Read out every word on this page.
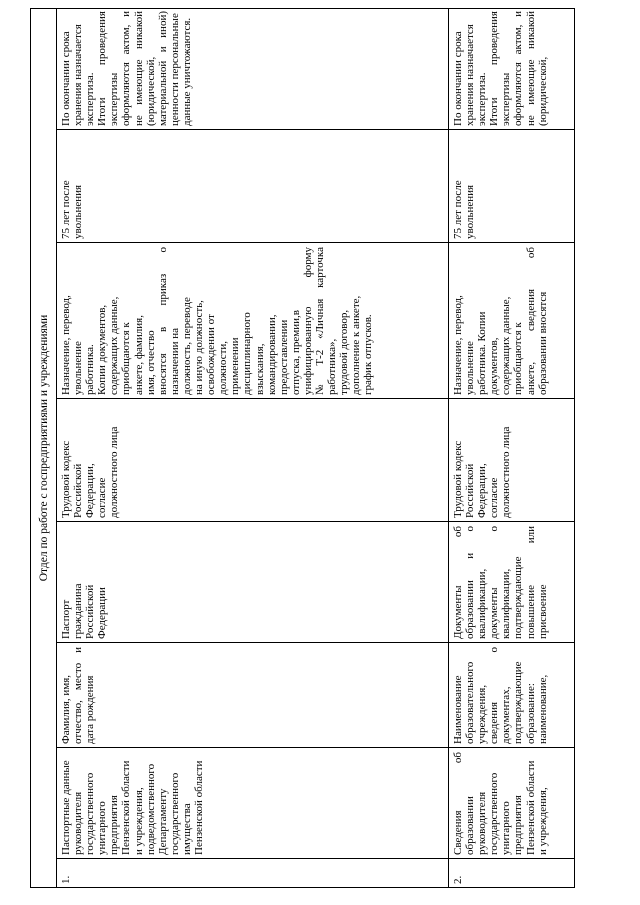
Отдел по работе с госпредприятиями и учреждениями
1.
Паспортные данные руководителя государственного унитарного предприятия Пензенской области и учреждения, подведомственного Департаменту государственного имущества Пензенской области
Фамилия, имя, отчество, место и дата рождения
Паспорт гражданина Российской Федерации
Трудовой кодекс Российской Федерации, согласие должностного лица
Назначение, перевод, увольнение работника. Копии документов, содержащих данные, приобщаются к анкете, фамилия, имя, отчество вносятся в приказ о назначении на должность, переводе на иную должность, освобождении от должности, применении дисциплинарного взыскания, командировании, предоставлении отпуска, премии,в унифицированную форму № Т-2 «Личная карточка работника», трудовой договор, дополнение к анкете, график отпусков.
75 лет после увольнения
По окончании срока хранения назначается экспертиза. Итоги проведения экспертизы оформляются актом, и не имеющие никакой (юридической, материальной и иной) ценности персональные данные уничтожаются.
2.
Сведения об образовании руководителя государственного унитарного предприятия Пензенской области и учреждения,
Наименование образовательного учреждения, сведения о документах, подтверждающие образование: наименование,
Документы об образовании и о квалификации, документы о квалификации, подтверждающие повышение или присвоение
Трудовой кодекс Российской Федерации, согласие должностного лица
Назначение, перевод, увольнение работника. Копии документов, содержащих данные, приобщаются к анкете, сведения об образовании вносятся
75 лет после увольнения
По окончании срока хранения назначается экспертиза. Итоги проведения экспертизы оформляются актом, и не имеющие никакой (юридической,
